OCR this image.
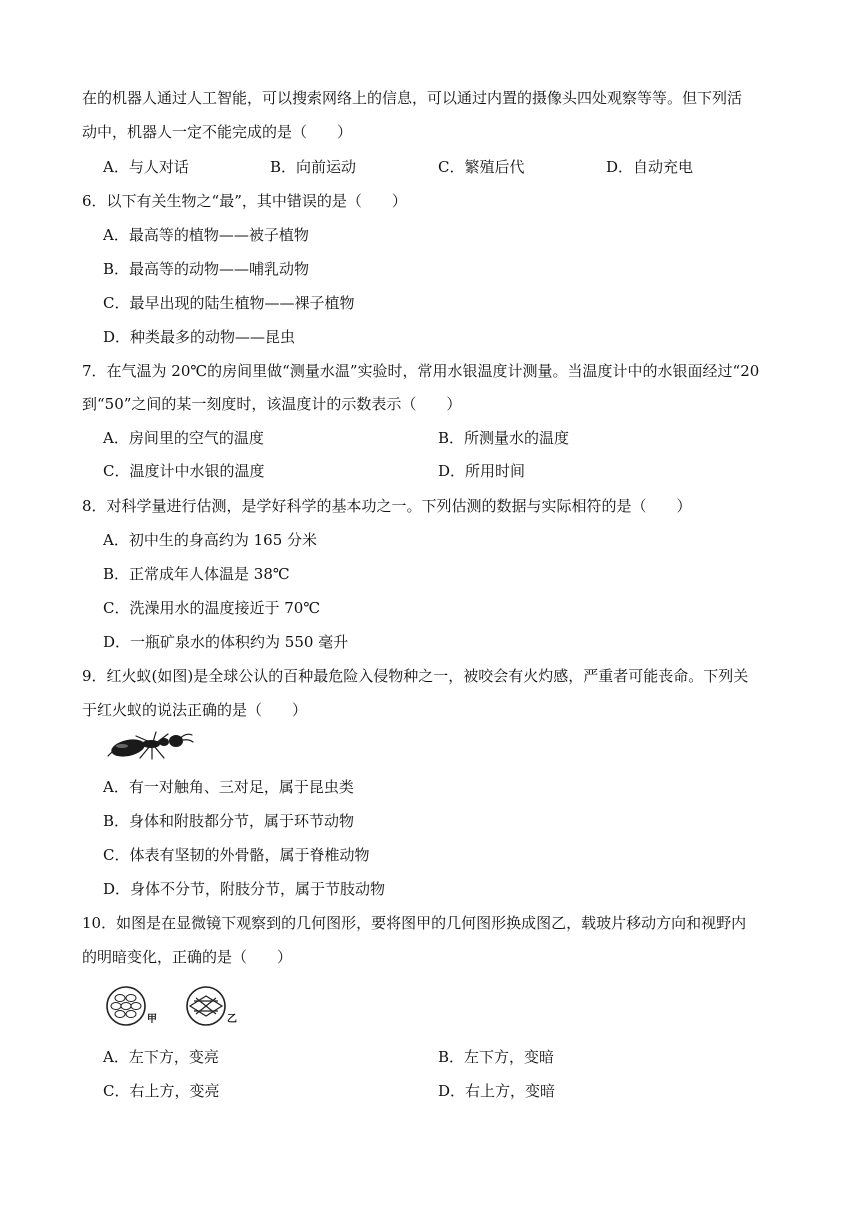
在的机器人通过人工智能，可以搜索网络上的信息，可以通过内置的摄像头四处观察等等。但下列活
动中，机器人一定不能完成的是（　　）
A．与人对话	B．向前运动	C．繁殖后代	D．自动充电
6．以下有关生物之“最”，其中错误的是（　　）
A．最高等的植物——被子植物
B．最高等的动物——哺乳动物
C．最早出现的陆生植物——裸子植物
D．种类最多的动物——昆虫
7．在气温为 20℃的房间里做“测量水温”实验时，常用水银温度计测量。当温度计中的水银面经过“20
到“50”之间的某一刻度时，该温度计的示数表示（　　）
A．房间里的空气的温度	B．所测量水的温度
C．温度计中水银的温度	D．所用时间
8．对科学量进行估测，是学好科学的基本功之一。下列估测的数据与实际相符的是（　　）
A．初中生的身高约为 165 分米
B．正常成年人体温是 38℃
C．洗澡用水的温度接近于 70℃
D．一瓶矿泉水的体积约为 550 毫升
9．红火蚁(如图)是全球公认的百种最危险入侵物种之一，被咬会有火灼感，严重者可能丧命。下列关
于红火蚁的说法正确的是（　　）
A．有一对触角、三对足，属于昆虫类
B．身体和附肢都分节，属于环节动物
C．体表有坚韧的外骨骼，属于脊椎动物
D．身体不分节，附肢分节，属于节肢动物
10．如图是在显微镜下观察到的几何图形，要将图甲的几何图形换成图乙，载玻片移动方向和视野内
的明暗变化，正确的是（　　）
甲	乙
A．左下方，变亮	B．左下方，变暗
C．右上方，变亮	D．右上方，变暗
